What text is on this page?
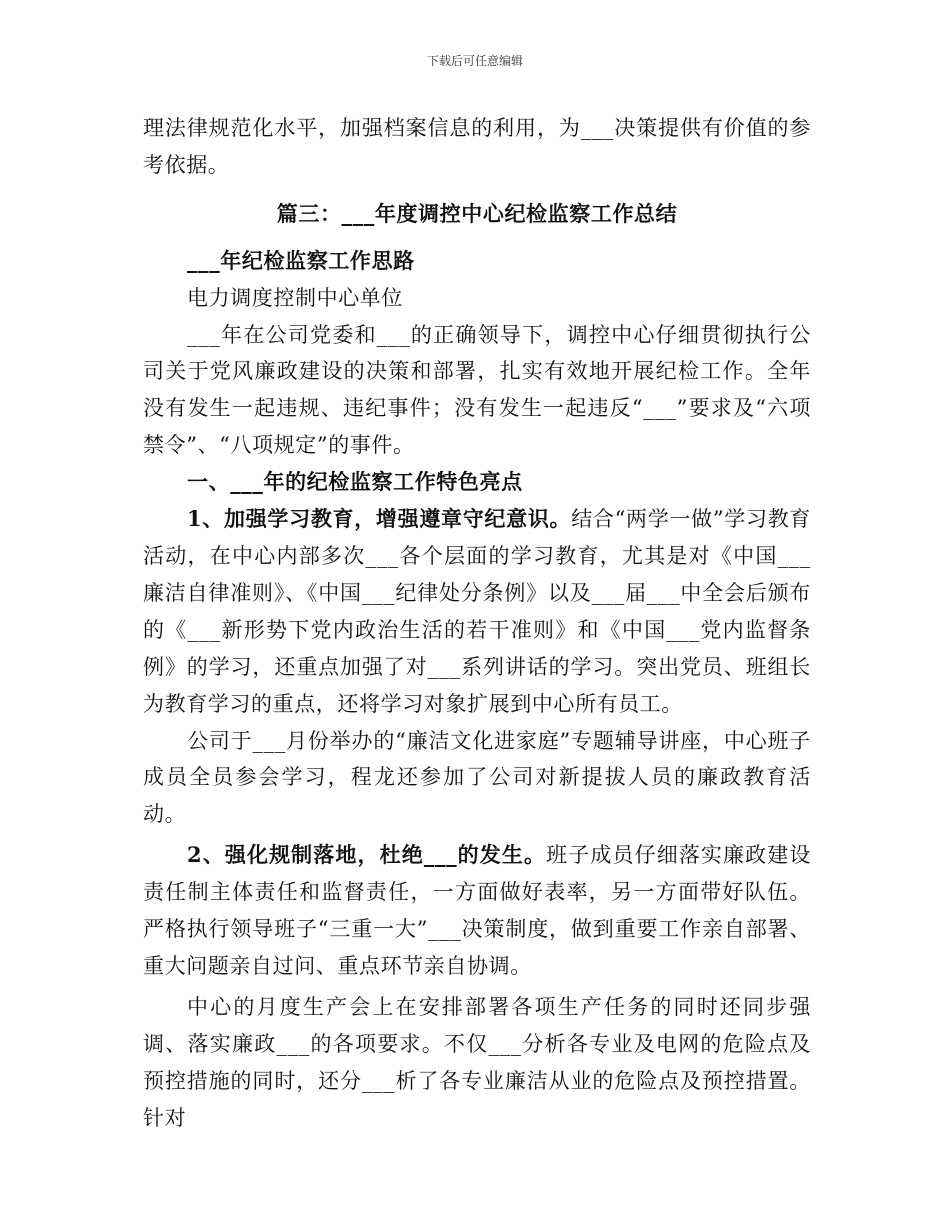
下载后可任意编辑

理法律规范化水平，加强档案信息的利用，为___决策提供有价值的参考依据。

篇三：___年度调控中心纪检监察工作总结

___年纪检监察工作思路

电力调度控制中心单位

___年在公司党委和___的正确领导下，调控中心仔细贯彻执行公司关于党风廉政建设的决策和部署，扎实有效地开展纪检工作。全年没有发生一起违规、违纪事件；没有发生一起违反“___”要求及“六项禁令”、“八项规定”的事件。

一、___年的纪检监察工作特色亮点

1、加强学习教育，增强遵章守纪意识。结合“两学一做”学习教育活动，在中心内部多次___各个层面的学习教育，尤其是对《中国___廉洁自律准则》、《中国___纪律处分条例》以及___届___中全会后颁布的《___新形势下党内政治生活的若干准则》和《中国___党内监督条例》的学习，还重点加强了对___系列讲话的学习。突出党员、班组长为教育学习的重点，还将学习对象扩展到中心所有员工。

公司于___月份举办的“廉洁文化进家庭”专题辅导讲座，中心班子成员全员参会学习，程龙还参加了公司对新提拔人员的廉政教育活动。

2、强化规制落地，杜绝___的发生。班子成员仔细落实廉政建设责任制主体责任和监督责任，一方面做好表率，另一方面带好队伍。严格执行领导班子“三重一大”___决策制度，做到重要工作亲自部署、重大问题亲自过问、重点环节亲自协调。

中心的月度生产会上在安排部署各项生产任务的同时还同步强调、落实廉政___的各项要求。不仅___分析各专业及电网的危险点及预控措施的同时，还分___析了各专业廉洁从业的危险点及预控措置。针对
